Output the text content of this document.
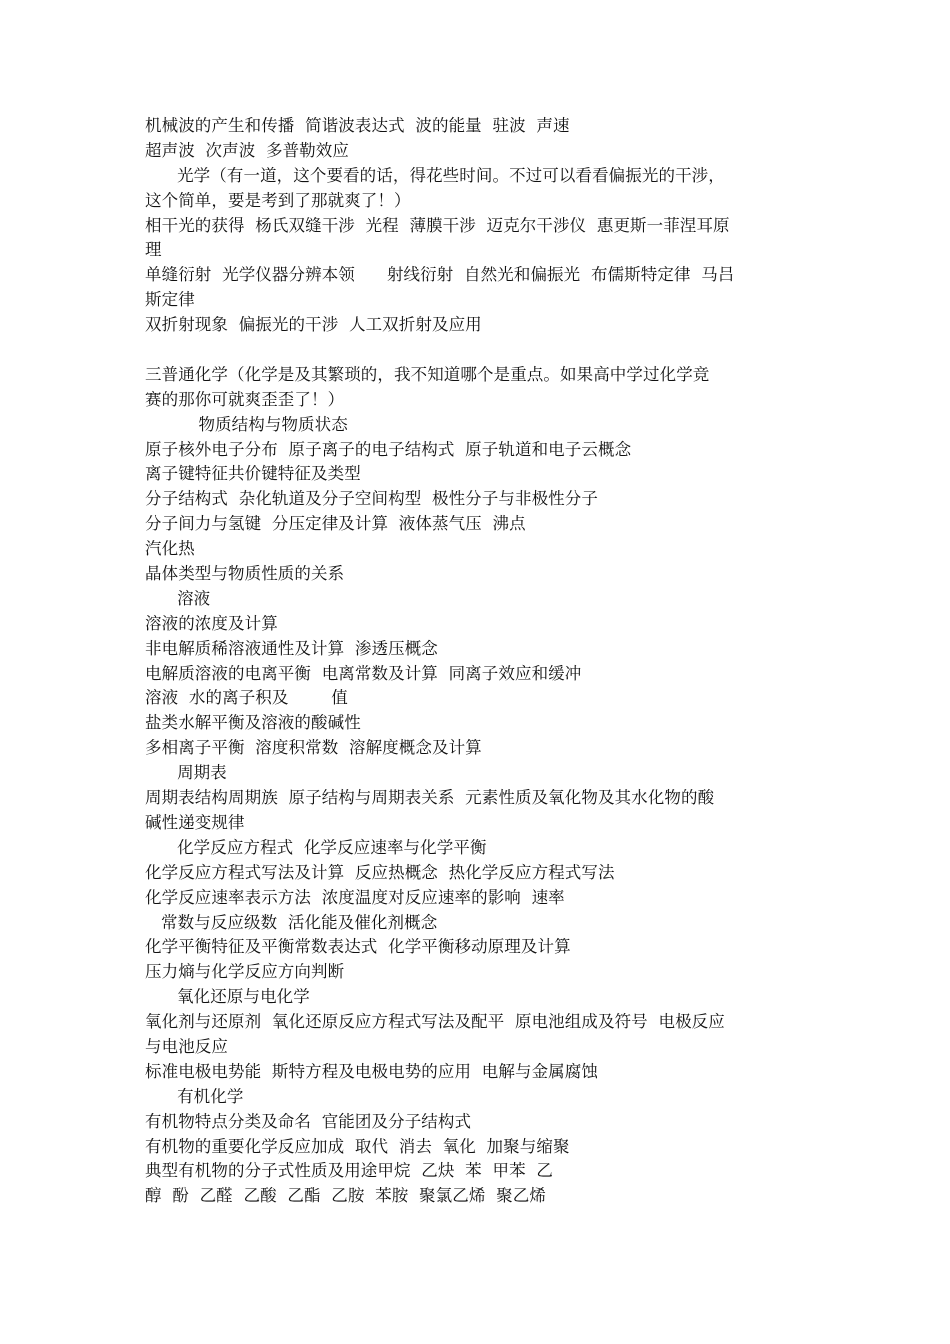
机械波的产生和传播  简谐波表达式  波的能量  驻波  声速
超声波  次声波  多普勒效应
光学（有一道，这个要看的话，得花些时间。不过可以看看偏振光的干涉，
这个简单，要是考到了那就爽了！）
相干光的获得  杨氏双缝干涉  光程  薄膜干涉  迈克尔干涉仪  惠更斯一菲涅耳原
理
单缝衍射  光学仪器分辨本领      射线衍射  自然光和偏振光  布儒斯特定律  马吕
斯定律
双折射现象  偏振光的干涉  人工双折射及应用
三普通化学（化学是及其繁琐的，我不知道哪个是重点。如果高中学过化学竞
赛的那你可就爽歪歪了！）
物质结构与物质状态
原子核外电子分布  原子离子的电子结构式  原子轨道和电子云概念
离子键特征共价键特征及类型
分子结构式  杂化轨道及分子空间构型  极性分子与非极性分子
分子间力与氢键  分压定律及计算  液体蒸气压  沸点
汽化热
晶体类型与物质性质的关系
溶液
溶液的浓度及计算
非电解质稀溶液通性及计算  渗透压概念
电解质溶液的电离平衡  电离常数及计算  同离子效应和缓冲
溶液  水的离子积及        值
盐类水解平衡及溶液的酸碱性
多相离子平衡  溶度积常数  溶解度概念及计算
周期表
周期表结构周期族  原子结构与周期表关系  元素性质及氧化物及其水化物的酸
碱性递变规律
化学反应方程式  化学反应速率与化学平衡
化学反应方程式写法及计算  反应热概念  热化学反应方程式写法
化学反应速率表示方法  浓度温度对反应速率的影响  速率
常数与反应级数  活化能及催化剂概念
化学平衡特征及平衡常数表达式  化学平衡移动原理及计算
压力熵与化学反应方向判断
氧化还原与电化学
氧化剂与还原剂  氧化还原反应方程式写法及配平  原电池组成及符号  电极反应
与电池反应
标准电极电势能  斯特方程及电极电势的应用  电解与金属腐蚀
有机化学
有机物特点分类及命名  官能团及分子结构式
有机物的重要化学反应加成  取代  消去  氧化  加聚与缩聚
典型有机物的分子式性质及用途甲烷  乙炔  苯  甲苯  乙
醇  酚  乙醛  乙酸  乙酯  乙胺  苯胺  聚氯乙烯  聚乙烯
